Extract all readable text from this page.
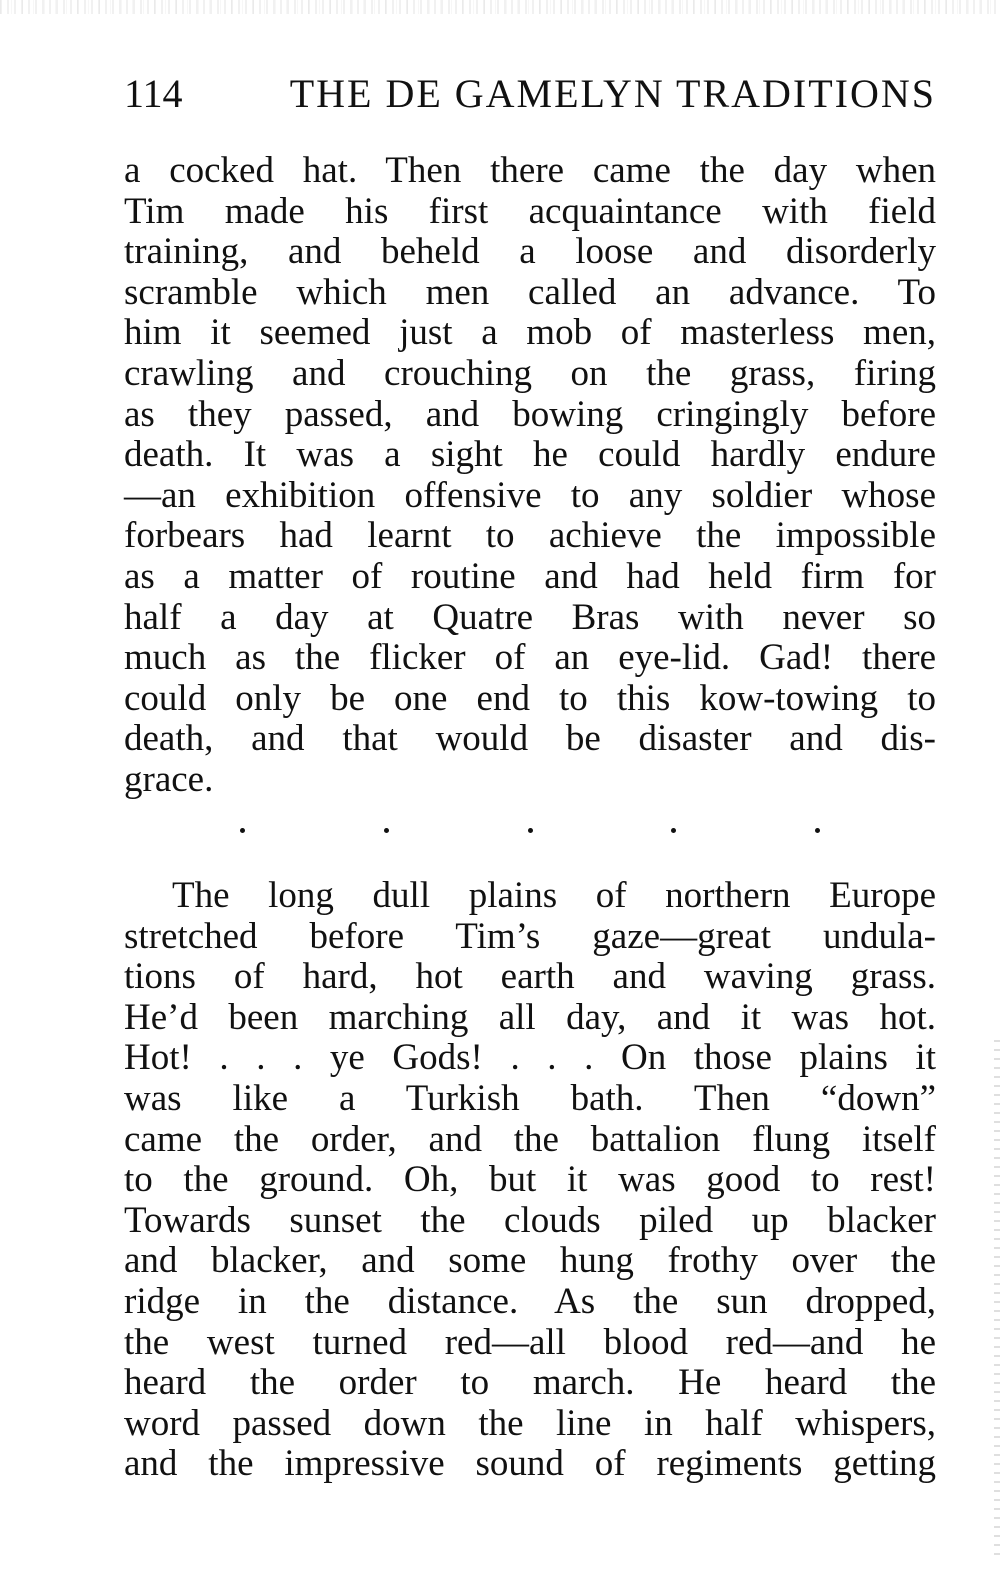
114	THE DE GAMELYN TRADITIONS
a cocked hat. Then there came the day when
Tim made his first acquaintance with field
training, and beheld a loose and disorderly
scramble which men called an advance. To
him it seemed just a mob of masterless men,
crawling and crouching on the grass, firing
as they passed, and bowing cringingly before
death. It was a sight he could hardly endure
—an exhibition offensive to any soldier whose
forbears had learnt to achieve the impossible
as a matter of routine and had held firm for
half a day at Quatre Bras with never so
much as the flicker of an eye-lid. Gad! there
could only be one end to this kow-towing to
death, and that would be disaster and dis-
grace.
The long dull plains of northern Europe
stretched before Tim’s gaze—great undula-
tions of hard, hot earth and waving grass.
He’d been marching all day, and it was hot.
Hot! . . . ye Gods! . . . On those plains it
was like a Turkish bath. Then “down”
came the order, and the battalion flung itself
to the ground. Oh, but it was good to rest!
Towards sunset the clouds piled up blacker
and blacker, and some hung frothy over the
ridge in the distance. As the sun dropped,
the west turned red—all blood red—and he
heard the order to march. He heard the
word passed down the line in half whispers,
and the impressive sound of regiments getting
